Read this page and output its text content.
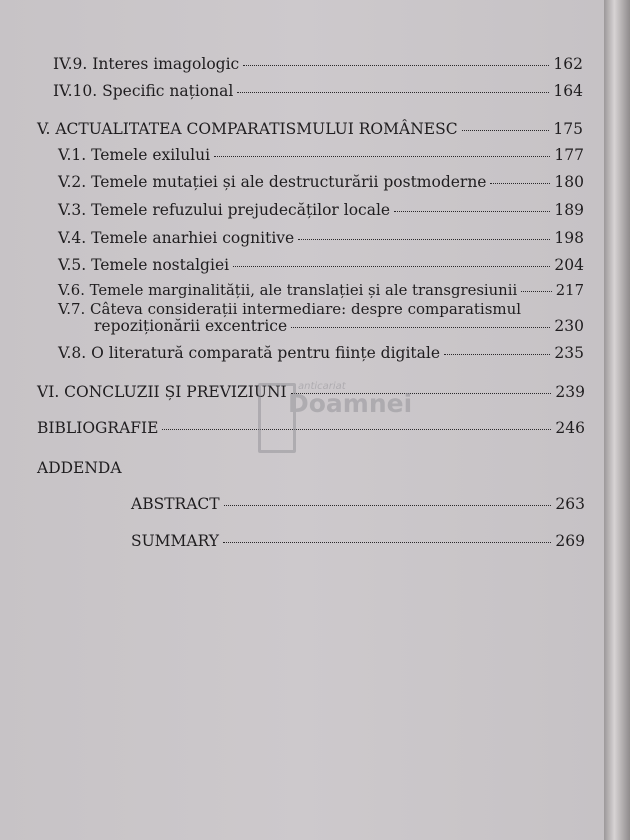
IV.9. Interes imagologic	162
IV.10. Specific național	164
V. ACTUALITATEA COMPARATISMULUI ROMÂNESC	175
V.1. Temele exilului	177
V.2. Temele mutației și ale destructurării postmoderne	180
V.3. Temele refuzului prejudecăților locale	189
V.4. Temele anarhiei cognitive	198
V.5. Temele nostalgiei	204
V.6. Temele marginalității, ale translației și ale transgresiunii	217
V.7. Câteva considerații intermediare: despre comparatismul
repoziționării excentrice	230
V.8. O literatură comparată pentru ființe digitale	235
VI. CONCLUZII ȘI PREVIZIUNI	239
BIBLIOGRAFIE	246
ADDENDA
ABSTRACT	263
SUMMARY	269
anticariat
Doamnei
